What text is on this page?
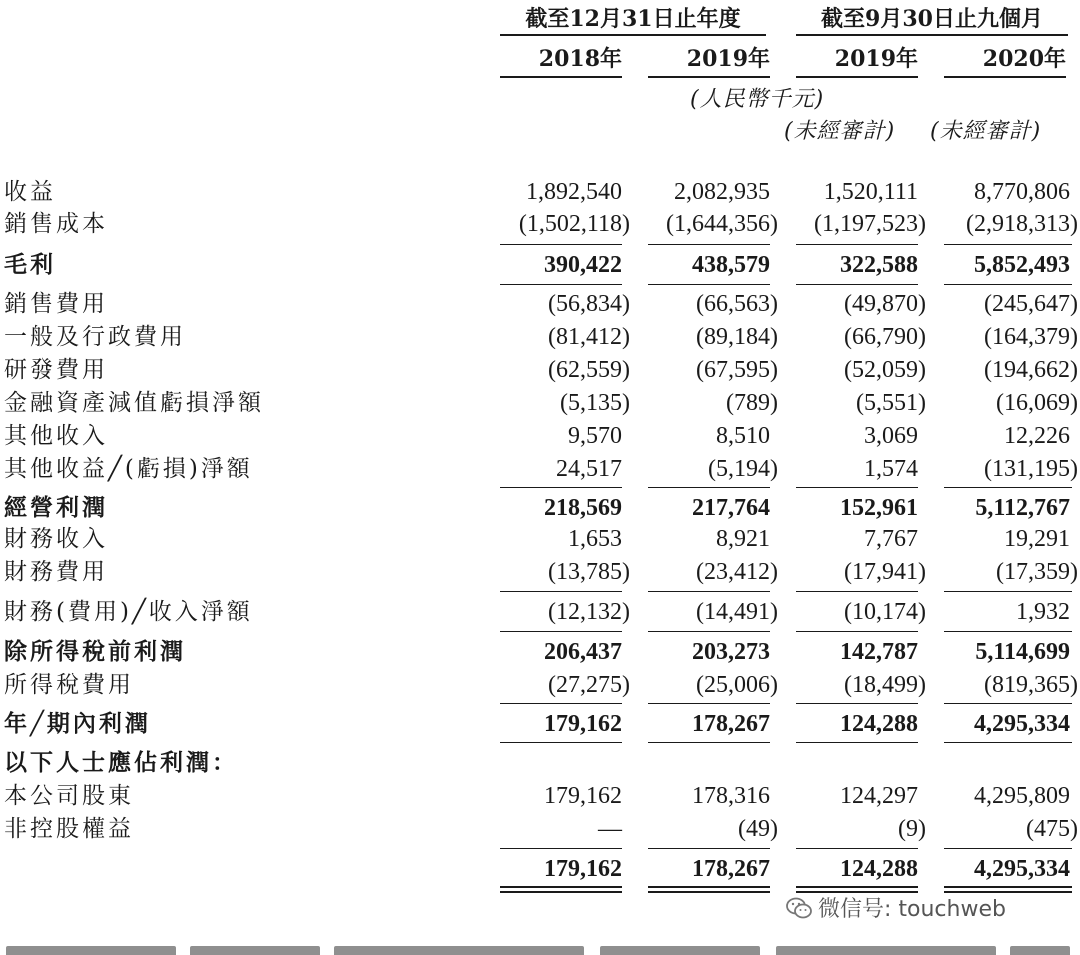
截至12月31日止年度	截至9月30日止九個月
2018年	2019年	2019年	2020年
(人民幣千元)
(未經審計) (未經審計)
收益	1,892,540	2,082,935	1,520,111	8,770,806
銷售成本	(1,502,118)	(1,644,356)	(1,197,523)	(2,918,313)
毛利	390,422	438,579	322,588	5,852,493
銷售費用	(56,834)	(66,563)	(49,870)	(245,647)
一般及行政費用	(81,412)	(89,184)	(66,790)	(164,379)
研發費用	(62,559)	(67,595)	(52,059)	(194,662)
金融資產減值虧損淨額	(5,135)	(789)	(5,551)	(16,069)
其他收入	9,570	8,510	3,069	12,226
其他收益╱(虧損)淨額	24,517	(5,194)	1,574	(131,195)
經營利潤	218,569	217,764	152,961	5,112,767
財務收入	1,653	8,921	7,767	19,291
財務費用	(13,785)	(23,412)	(17,941)	(17,359)
財務(費用)╱收入淨額	(12,132)	(14,491)	(10,174)	1,932
除所得稅前利潤	206,437	203,273	142,787	5,114,699
所得稅費用	(27,275)	(25,006)	(18,499)	(819,365)
年╱期內利潤	179,162	178,267	124,288	4,295,334
以下人士應佔利潤：
本公司股東	179,162	178,316	124,297	4,295,809
非控股權益	—	(49)	(9)	(475)
179,162	178,267	124,288	4,295,334
微信号: touchweb
